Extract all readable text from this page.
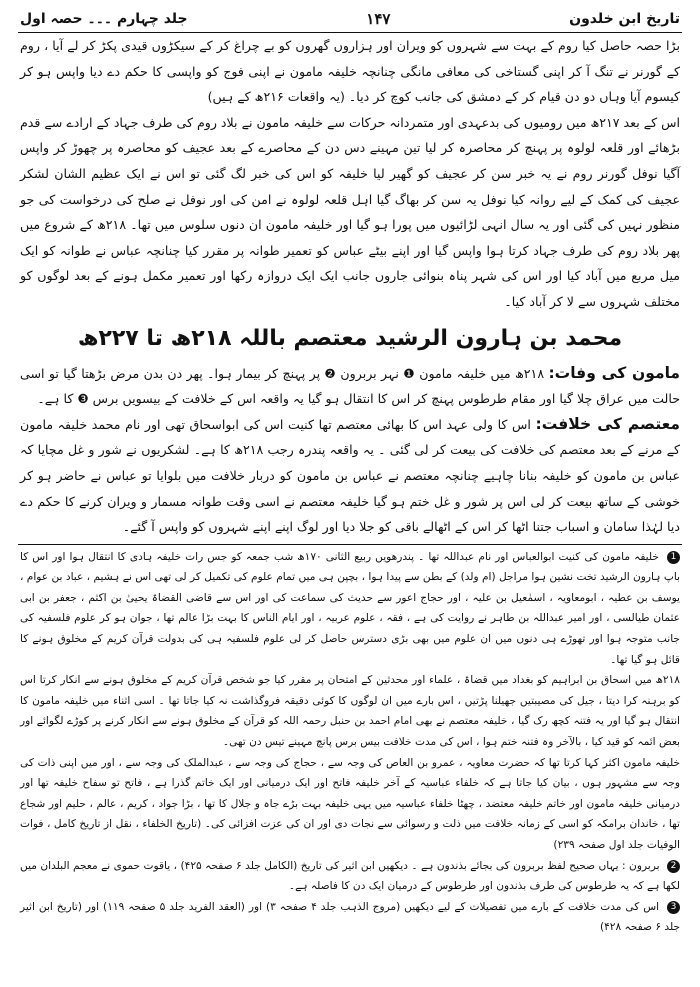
تاریخ ابن خلدون
۱۴۷
جلد چہارم ۔۔۔ حصہ اول

بڑا حصہ حاصل کیا روم کے بہت سے شہروں کو ویران اور ہزاروں گھروں کو بے چراغ کر کے سیکڑوں قیدی پکڑ کر لے آیا ، روم کے گورنر نے تنگ آ کر اپنی گستاخی کی معافی مانگی چنانچہ خلیفہ مامون نے اپنی فوج کو واپسی کا حکم دے دیا واپس ہو کر کیسوم آیا وہاں دو دن قیام کر کے دمشق کی جانب کوچ کر دیا۔ (یہ واقعات ۲۱۶ھ کے ہیں)

اس کے بعد ۲۱۷ھ میں رومیوں کی بدعہدی اور متمردانہ حرکات سے خلیفہ مامون نے بلاد روم کی طرف جہاد کے ارادے سے قدم بڑھائے اور قلعہ لولوہ پر پہنچ کر محاصرہ کر لیا تین مہینے دس دن کے محاصرے کے بعد عجیف کو محاصرہ پر چھوڑ کر واپس آگیا نوفل گورنر روم نے یہ خبر سن کر عجیف کو گھیر لیا خلیفہ کو اس کی خبر لگ گئی تو اس نے ایک عظیم الشان لشکر عجیف کی کمک کے لیے روانہ کیا نوفل یہ سن کر بھاگ گیا اہل قلعہ لولوہ نے امن کی اور نوفل نے صلح کی درخواست کی جو منظور نہیں کی گئی اور یہ سال انہی لڑائیوں میں پورا ہو گیا اور خلیفہ مامون ان دنوں سلوس میں تھا۔ ۲۱۸ھ کے شروع میں پھر بلاد روم کی طرف جہاد کرتا ہوا واپس گیا اور اپنے بیٹے عباس کو تعمیر طوانہ پر مقرر کیا چنانچہ عباس نے طوانہ کو ایک میل مربع میں آباد کیا اور اس کی شہر پناہ بنوائی جاروں جانب ایک ایک دروازہ رکھا اور تعمیر مکمل ہونے کے بعد لوگوں کو مختلف شہروں سے لا کر آباد کیا۔

محمد بن ہارون الرشید معتصم باللہ ۲۱۸ھ تا ۲۲۷ھ

مامون کی وفات: ۲۱۸ھ میں خلیفہ مامون ❶ نہر بربرون ❷ پر پہنچ کر بیمار ہوا۔ پھر دن بدن مرض بڑھتا گیا تو اسی حالت میں عراق چلا گیا اور مقام طرطوس پہنچ کر اس کا انتقال ہو گیا یہ واقعہ اس کے خلافت کے بیسویں برس ❸ کا ہے۔

معتصم کی خلافت: اس کا ولی عہد اس کا بھائی معتصم تھا کنیت اس کی ابواسحاق تھی اور نام محمد خلیفہ مامون کے مرنے کے بعد معتصم کی خلافت کی بیعت کر لی گئی ۔ یہ واقعہ پندرہ رجب ۲۱۸ھ کا ہے۔ لشکریوں نے شور و غل مچایا کہ عباس بن مامون کو خلیفہ بنانا چاہیے چنانچہ معتصم نے عباس بن مامون کو دربار خلافت میں بلوایا تو عباس نے حاضر ہو کر خوشی کے ساتھ بیعت کر لی اس پر شور و غل ختم ہو گیا خلیفہ معتصم نے اسی وقت طوانہ مسمار و ویران کرنے کا حکم دے دیا لہٰذا سامان و اسباب جتنا اٹھا کر اس کے اٹھالے باقی کو جلا دیا اور لوگ اپنے اپنے شہروں کو واپس آ گئے۔

1 خلیفہ مامون کی کنیت ابوالعباس اور نام عبداللہ تھا ۔ پندرھویں ربیع الثانی ۱۷۰ھ شب جمعہ کو جس رات خلیفہ ہادی کا انتقال ہوا اور اس کا باپ ہارون الرشید تخت نشین ہوا مراجل (ام ولد) کے بطن سے پیدا ہوا ، بچپن ہی میں تمام علوم کی تکمیل کر لی تھی اس نے ہشیم ، عباد بن عوام ، یوسف بن عطیہ ، ابومعاویہ ، اسمٰعیل بن علیہ ، اور حجاج اعور سے حدیث کی سماعت کی اور اس سے قاضی القضاۃ یحییٰ بن اکثم ، جعفر بن ابی عثمان طیالسی ، اور امیر عبداللہ بن طاہر نے روایت کی ہے ، فقہ ، علوم عربیہ ، اور ایام الناس کا بہت بڑا عالم تھا ، جوان ہو کر علوم فلسفیہ کی جانب متوجہ ہوا اور تھوڑے ہی دنوں میں ان علوم میں بھی بڑی دسترس حاصل کر لی علوم فلسفیہ ہی کی بدولت قرآن کریم کے مخلوق ہونے کا قائل ہو گیا تھا۔

۲۱۸ھ میں اسحاق بن ابراہیم کو بغداد میں قضاۃ ، علماء اور محدثین کے امتحان پر مقرر کیا جو شخص قرآن کریم کے مخلوق ہونے سے انکار کرتا اس کو برہنہ کرا دیتا ، جیل کی مصیبتیں جھیلنا پڑتیں ، اس بارے میں ان لوگوں کا کوئی دقیقہ فروگذاشت نہ کیا جاتا تھا ۔ اسی اثناء میں خلیفہ مامون کا انتقال ہو گیا اور یہ فتنہ کچھ رک گیا ، خلیفہ معتصم نے بھی امام احمد بن حنبل رحمہ اللہ کو قرآن کے مخلوق ہونے سے انکار کرنے پر کوڑے لگوائے اور بعض ائمہ کو قید کیا ، بالآخر وہ فتنہ ختم ہوا ، اس کی مدت خلافت بیس برس پانچ مہینے تیس دن تھی۔

خلیفہ مامون اکثر کہا کرتا تھا کہ حضرت معاویہ ، عمرو بن العاص کی وجہ سے ، حجاج کی وجہ سے ، عبدالملک کی وجہ سے ، اور میں اپنی ذات کی وجہ سے مشہور ہوں ، بیان کیا جاتا ہے کہ خلفاء عباسیہ کے آخر خلیفہ فاتح اور ایک درمیانی اور ایک خاتم گذرا ہے ، فاتح تو سفاح خلیفہ تھا اور درمیانی خلیفہ مامون اور خاتم خلیفہ معتضد ، چھٹا خلفاء عباسیہ میں یہی خلیفہ بہت بڑے جاہ و جلال کا تھا ، بڑا جواد ، کریم ، عالم ، حلیم اور شجاع تھا ، خاندان برامکہ کو اسی کے زمانہ خلافت میں ذلت و رسوائی سے نجات دی اور ان کی عزت افزائی کی۔ (تاریخ الخلفاء ، نقل از تاریخ کامل ، فوات الوفیات جلد اول صفحہ ۲۳۹)

2 بربرون : یہاں صحیح لفظ بربرون کی بجائے بذندون ہے ۔ دیکھیں ابن اثیر کی تاریخ (الکامل جلد ۶ صفحہ ۴۲۵) ، یاقوت حموی نے معجم البلدان میں لکھا ہے کہ یہ طرطوس کی طرف بذندون اور طرطوس کے درمیان ایک دن کا فاصلہ ہے۔

3 اس کی مدت خلافت کے بارے میں تفصیلات کے لیے دیکھیں (مروج الذہب جلد ۴ صفحہ ۳) اور (العقد الفرید جلد ۵ صفحہ ۱۱۹) اور (تاریخ ابن اثیر جلد ۶ صفحہ ۴۲۸)
